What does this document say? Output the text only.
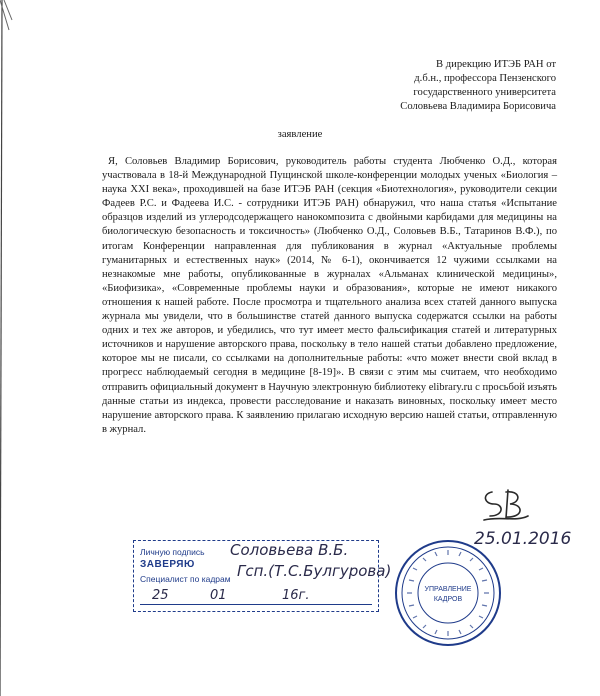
В дирекцию ИТЭБ РАН от
д.б.н., профессора Пензенского
государственного университета
Соловьева Владимира Борисовича
заявление

Я, Соловьев Владимир Борисович, руководитель работы студента Любченко О.Д., которая участвовала в 18-й Международной Пущинской школе-конференции молодых ученых «Биология – наука XXI века», проходившей на базе ИТЭБ РАН (секция «Биотехнология», руководители секции Фадеев Р.С. и Фадеева И.С. - сотрудники ИТЭБ РАН) обнаружил, что наша статья «Испытание образцов изделий из углеродсодержащего нанокомпозита с двойными карбидами для медицины на биологическую безопасность и токсичность» (Любченко О.Д., Соловьев В.Б., Татаринов В.Ф.), по итогам Конференции направленная для публикования в журнал «Актуальные проблемы гуманитарных и естественных наук» (2014, № 6-1), окончивается 12 чужими ссылками на незнакомые мне работы, опубликованные в журналах «Альманах клинической медицины», «Биофизика», «Современные проблемы науки и образования», которые не имеют никакого отношения к нашей работе. После просмотра и тщательного анализа всех статей данного выпуска журнала мы увидели, что в большинстве статей данного выпуска содержатся ссылки на работы одних и тех же авторов, и убедились, что тут имеет место фальсификация статей и литературных источников и нарушение авторского права, поскольку в тело нашей статьи добавлено предложение, которое мы не писали, со ссылками на дополнительные работы: «что может внести свой вклад в прогресс наблюдаемый сегодня в медицине [8-19]». В связи с этим мы считаем, что необходимо отправить официальный документ в Научную электронную библиотеку elibrary.ru с просьбой изъять данные статьи из индекса, провести расследование и наказать виновных, поскольку имеет место нарушение авторского права. К заявлению прилагаю исходную версию нашей статьи, отправленную в журнал.

25.01.2016
Личную подпись
ЗАВЕРЯЮ
Специалист по кадрам
Соловьева В.Б.
Гсп.(Т.С.Булгурова)
25	01	16г.	УПРАВЛЕНИЕ
КАДРОВ
